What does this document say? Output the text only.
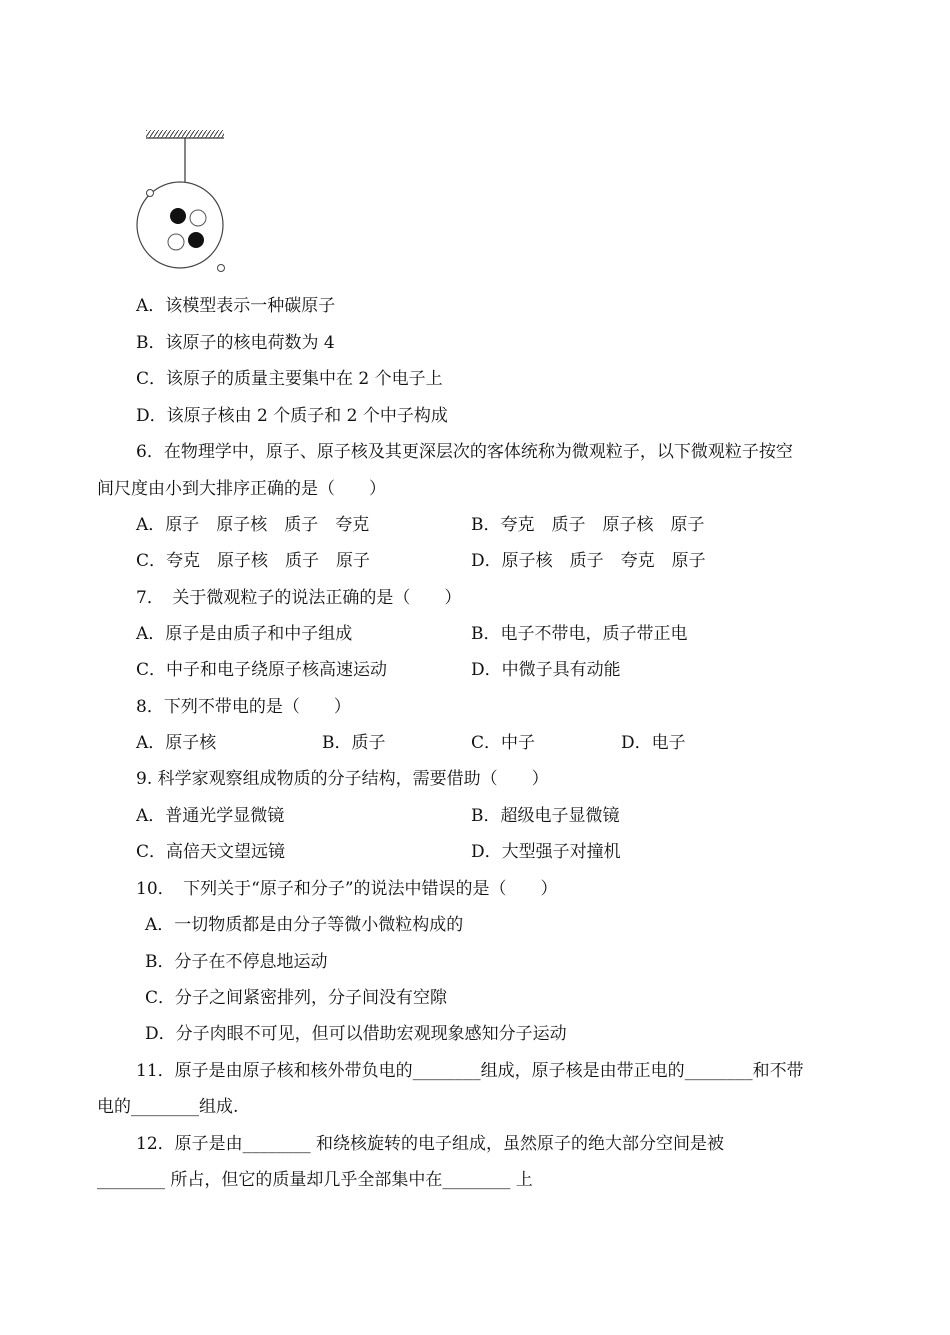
A．该模型表示一种碳原子
B．该原子的核电荷数为 4
C．该原子的质量主要集中在 2 个电子上
D．该原子核由 2 个质子和 2 个中子构成
6．在物理学中，原子、原子核及其更深层次的客体统称为微观粒子，以下微观粒子按空
间尺度由小到大排序正确的是（　　）
A．原子　原子核　质子　夸克	B．夸克　质子　原子核　原子
C．夸克　原子核　质子　原子	D．原子核　质子　夸克　原子
7．　关于微观粒子的说法正确的是（　　）
A．原子是由质子和中子组成	B．电子不带电，质子带正电
C．中子和电子绕原子核高速运动	D．中微子具有动能
8．下列不带电的是（　　）
A．原子核	B．质子	C．中子	D．电子
9. 科学家观察组成物质的分子结构，需要借助（　　）
A．普通光学显微镜	B．超级电子显微镜
C．高倍天文望远镜	D．大型强子对撞机
10．　下列关于“原子和分子”的说法中错误的是（　　）
A．一切物质都是由分子等微小微粒构成的
B．分子在不停息地运动
C．分子之间紧密排列，分子间没有空隙
D．分子肉眼不可见，但可以借助宏观现象感知分子运动
11．原子是由原子核和核外带负电的________组成，原子核是由带正电的________和不带
电的________组成.
12．原子是由________ 和绕核旋转的电子组成，虽然原子的绝大部分空间是被
________ 所占，但它的质量却几乎全部集中在________ 上
